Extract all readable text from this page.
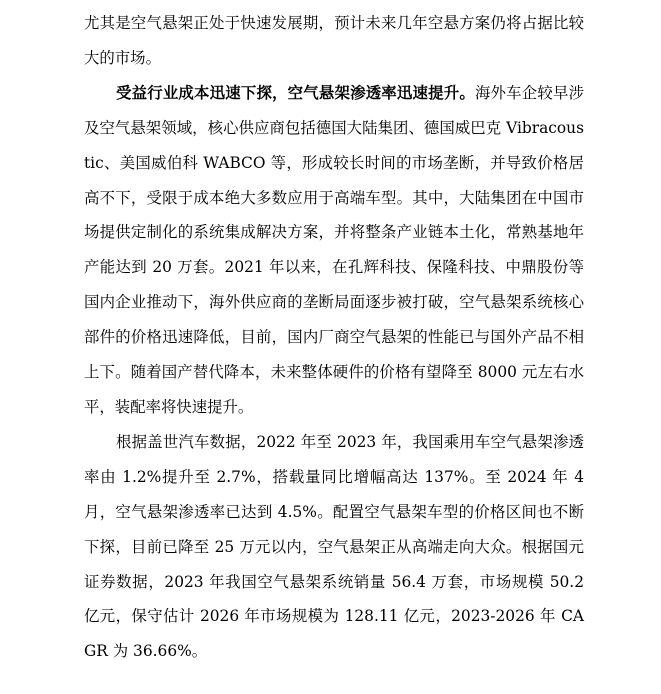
尤其是空气悬架正处于快速发展期，预计未来几年空悬方案仍将占据比较大的市场。

受益行业成本迅速下探，空气悬架渗透率迅速提升。海外车企较早涉及空气悬架领域，核心供应商包括德国大陆集团、德国威巴克 Vibracoustic、美国威伯科 WABCO 等，形成较长时间的市场垄断，并导致价格居高不下，受限于成本绝大多数应用于高端车型。其中，大陆集团在中国市场提供定制化的系统集成解决方案，并将整条产业链本土化，常熟基地年产能达到 20 万套。2021 年以来，在孔辉科技、保隆科技、中鼎股份等国内企业推动下，海外供应商的垄断局面逐步被打破，空气悬架系统核心部件的价格迅速降低，目前，国内厂商空气悬架的性能已与国外产品不相上下。随着国产替代降本，未来整体硬件的价格有望降至 8000 元左右水平，装配率将快速提升。

根据盖世汽车数据，2022 年至 2023 年，我国乘用车空气悬架渗透率由 1.2%提升至 2.7%，搭载量同比增幅高达 137%。至 2024 年 4 月，空气悬架渗透率已达到 4.5%。配置空气悬架车型的价格区间也不断下探，目前已降至 25 万元以内，空气悬架正从高端走向大众。根据国元证券数据，2023 年我国空气悬架系统销量 56.4 万套，市场规模 50.2 亿元，保守估计 2026 年市场规模为 128.11 亿元，2023-2026 年 CAGR 为 36.66%。
